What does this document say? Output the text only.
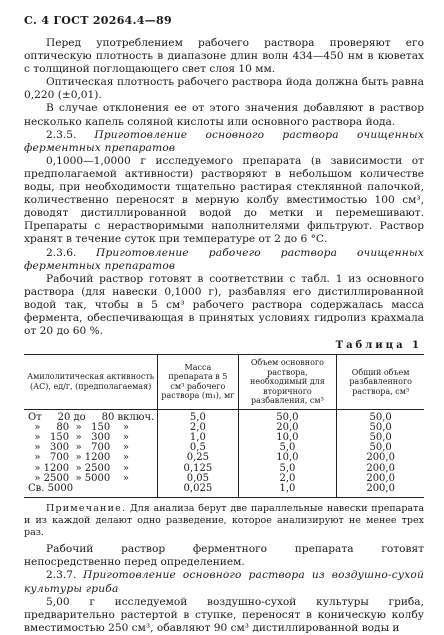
С. 4 ГОСТ 20264.4—89

Перед употреблением рабочего раствора проверяют его оптическую плотность в диапазоне длин волн 434—450 нм в кюветах с толщиной поглощающего свет слоя 10 мм.

Оптическая плотность рабочего раствора йода должна быть равна 0,220 (±0,01).

В случае отклонения ее от этого значения добавляют в раствор несколько капель соляной кислоты или основного раствора йода.

2.3.5. Приготовление основного раствора очищенных ферментных препаратов

0,1000—1,0000 г исследуемого препарата (в зависимости от предполагаемой активности) растворяют в небольшом количестве воды, при необходимости тщательно растирая стеклянной палочкой, количественно переносят в мерную колбу вместимостью 100 см³, доводят дистиллированной водой до метки и перемешивают. Препараты с нерастворимыми наполнителями фильтруют. Раствор хранят в течение суток при температуре от 2 до 6 °С.

2.3.6. Приготовление рабочего раствора очищенных ферментных препаратов

Рабочий раствор готовят в соответствии с табл. 1 из основного раствора (для навески 0,1000 г), разбавляя его дистиллированной водой так, чтобы в 5 см³ рабочего раствора содержалась масса фермента, обеспечивающая в принятых условиях гидролиз крахмала от 20 до 60 %.

Таблица 1
Амилолитическая активность (АС), ед/г, (предполагаемая)	Масса препарата в 5 см³ рабочего раствора (m₁), мг	Объем основного раствора, необходимый для вторичного разбавления, см³	Общий объем разбавленного раствора, см³
От     20 до     80 включ.	5,0	50,0	50,0
»     80  »   150    »	2,0	20,0	50,0
»   150  »   300    »	1,0	10,0	50,0
»   300  »   700    »	0,5	5,0	50,0
»   700  » 1200    »	0,25	10,0	200,0
» 1200  » 2500    »	0,125	5,0	200,0
» 2500  » 5000    »	0,05	2,0	200,0
Св. 5000	0,025	1,0	200,0

Примечание. Для анализа берут две параллельные навески препарата и из каждой делают одно разведение, которое анализируют не менее трех раз.

Рабочий раствор ферментного препарата готовят непосредственно перед определением.

2.3.7. Приготовление основного раствора из воздушно-сухой культуры гриба

5,00 г исследуемой воздушно-сухой культуры гриба, предварительно растертой в ступке, переносят в коническую колбу вместимостью 250 см³, обавляют 90 см³ дистиллированной воды и
